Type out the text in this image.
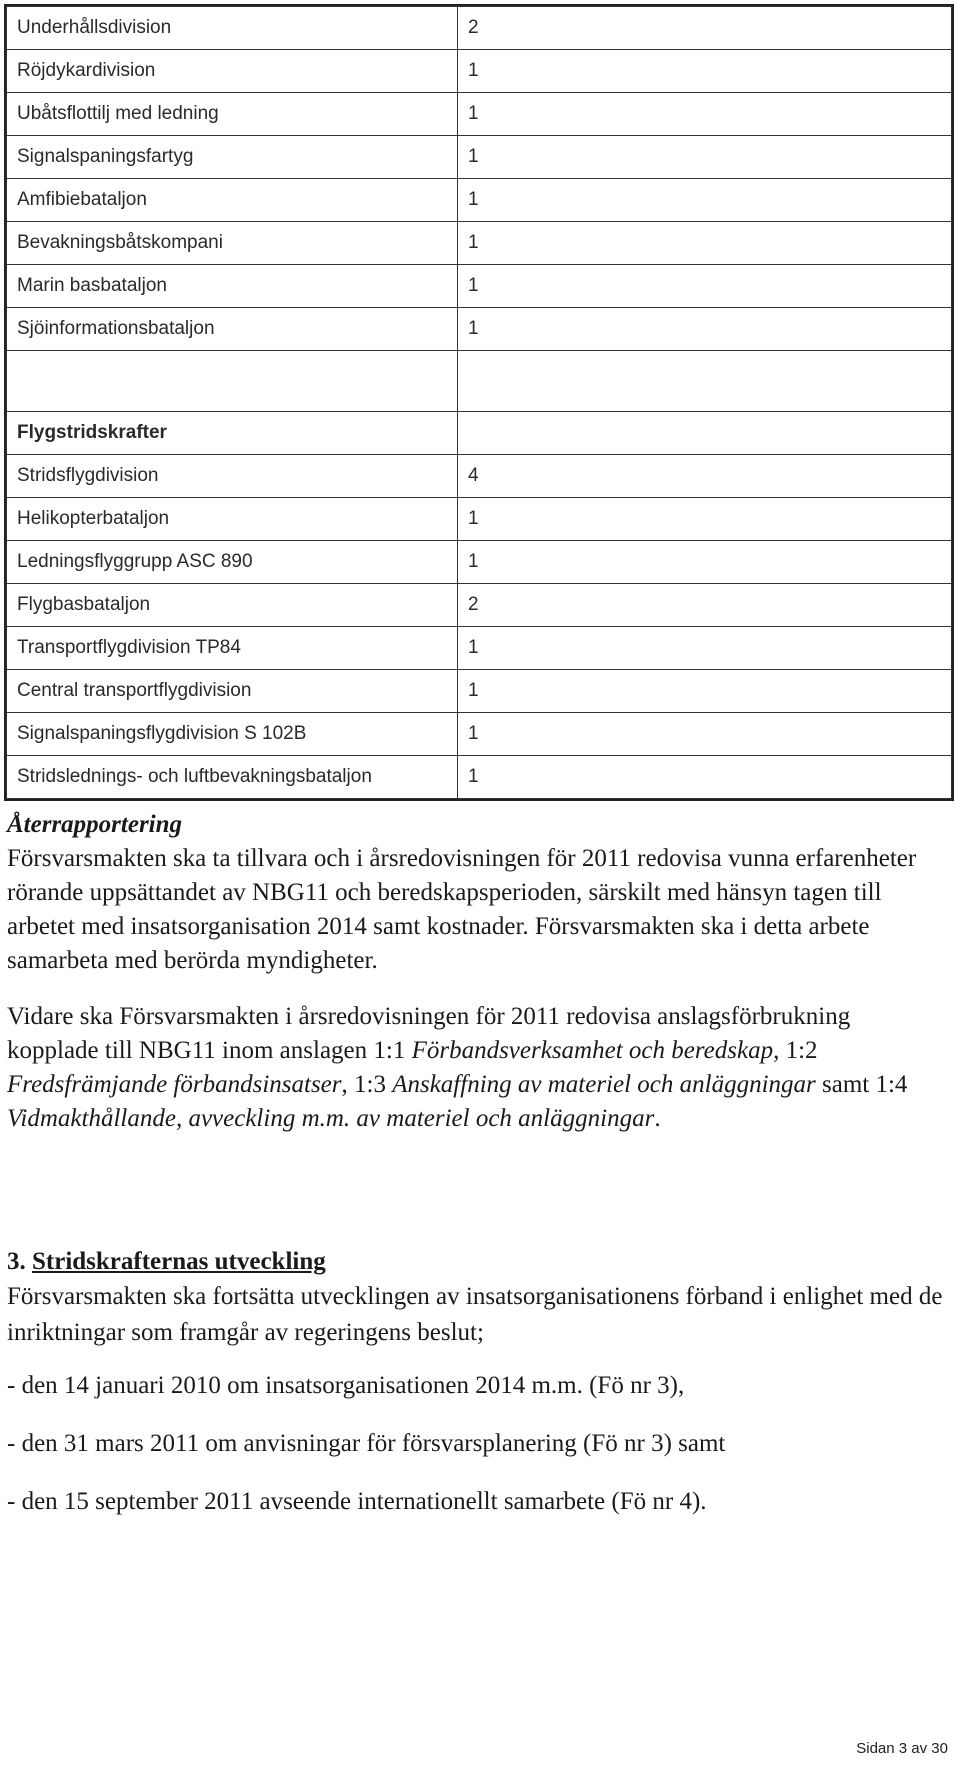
Underhållsdivision	2
Röjdykardivision	1
Ubåtsflottilj med ledning	1
Signalspaningsfartyg	1
Amfibiebataljon	1
Bevakningsbåtskompani	1
Marin basbataljon	1
Sjöinformationsbataljon	1

Flygstridskrafter	
Stridsflygdivision	4
Helikopterbataljon	1
Ledningsflyggrupp ASC 890	1
Flygbasbataljon	2
Transportflygdivision TP84	1
Central transportflygdivision	1
Signalspaningsflygdivision S 102B	1
Stridslednings- och luftbevakningsbataljon	1

Återrapportering

Försvarsmakten ska ta tillvara och i årsredovisningen för 2011 redovisa vunna erfarenheter rörande uppsättandet av NBG11 och beredskapsperioden, särskilt med hänsyn tagen till arbetet med insatsorganisation 2014 samt kostnader. Försvarsmakten ska i detta arbete samarbeta med berörda myndigheter.

Vidare ska Försvarsmakten i årsredovisningen för 2011 redovisa anslagsförbrukning kopplade till NBG11 inom anslagen 1:1 Förbandsverksamhet och beredskap, 1:2 Fredsfrämjande förbandsinsatser, 1:3 Anskaffning av materiel och anläggningar samt 1:4 Vidmakthållande, avveckling m.m. av materiel och anläggningar.

3. Stridskrafternas utveckling

Försvarsmakten ska fortsätta utvecklingen av insatsorganisationens förband i enlighet med de inriktningar som framgår av regeringens beslut;

- den 14 januari 2010 om insatsorganisationen 2014 m.m. (Fö nr 3),

- den 31 mars 2011 om anvisningar för försvarsplanering (Fö nr 3) samt

- den 15 september 2011 avseende internationellt samarbete (Fö nr 4).

Sidan 3 av 30
